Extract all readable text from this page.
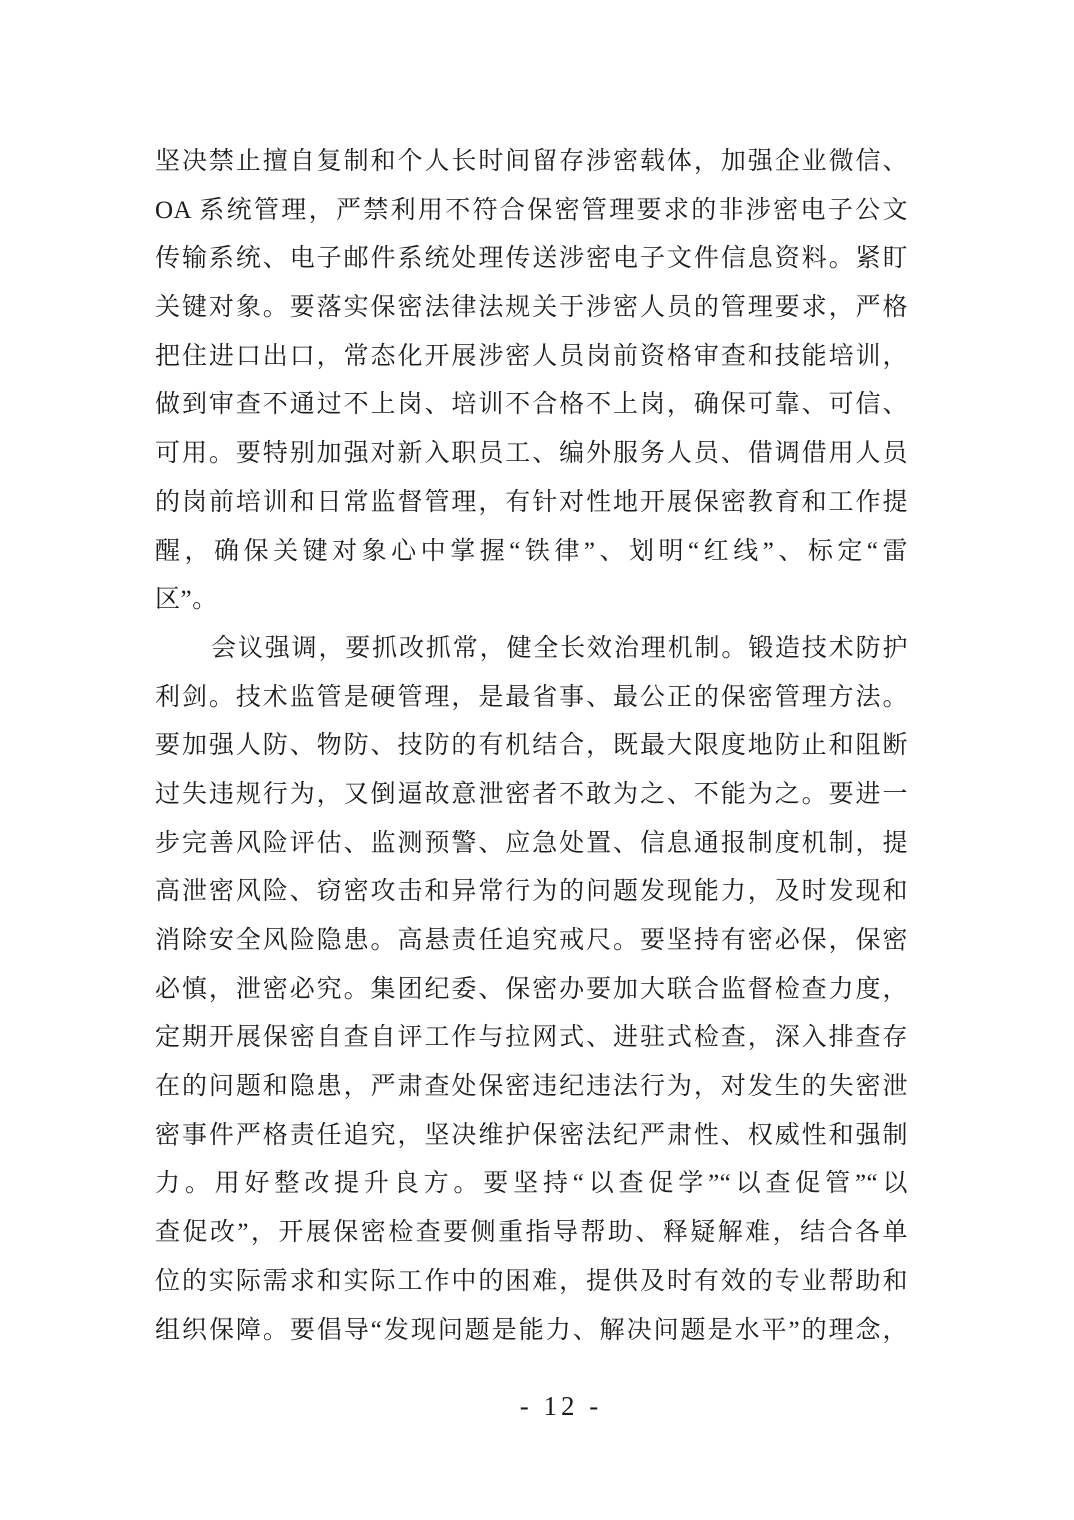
坚决禁止擅自复制和个人长时间留存涉密载体，加强企业微信、
OA 系统管理，严禁利用不符合保密管理要求的非涉密电子公文
传输系统、电子邮件系统处理传送涉密电子文件信息资料。紧盯
关键对象。要落实保密法律法规关于涉密人员的管理要求，严格
把住进口出口，常态化开展涉密人员岗前资格审查和技能培训，
做到审查不通过不上岗、培训不合格不上岗，确保可靠、可信、
可用。要特别加强对新入职员工、编外服务人员、借调借用人员
的岗前培训和日常监督管理，有针对性地开展保密教育和工作提
醒，确保关键对象心中掌握“铁律”、划明“红线”、标定“雷
区”。
会议强调，要抓改抓常，健全长效治理机制。锻造技术防护
利剑。技术监管是硬管理，是最省事、最公正的保密管理方法。
要加强人防、物防、技防的有机结合，既最大限度地防止和阻断
过失违规行为，又倒逼故意泄密者不敢为之、不能为之。要进一
步完善风险评估、监测预警、应急处置、信息通报制度机制，提
高泄密风险、窃密攻击和异常行为的问题发现能力，及时发现和
消除安全风险隐患。高悬责任追究戒尺。要坚持有密必保，保密
必慎，泄密必究。集团纪委、保密办要加大联合监督检查力度，
定期开展保密自查自评工作与拉网式、进驻式检查，深入排查存
在的问题和隐患，严肃查处保密违纪违法行为，对发生的失密泄
密事件严格责任追究，坚决维护保密法纪严肃性、权威性和强制
力。用好整改提升良方。要坚持“以查促学”“以查促管”“以
查促改”，开展保密检查要侧重指导帮助、释疑解难，结合各单
位的实际需求和实际工作中的困难，提供及时有效的专业帮助和
组织保障。要倡导“发现问题是能力、解决问题是水平”的理念，
- 12 -
